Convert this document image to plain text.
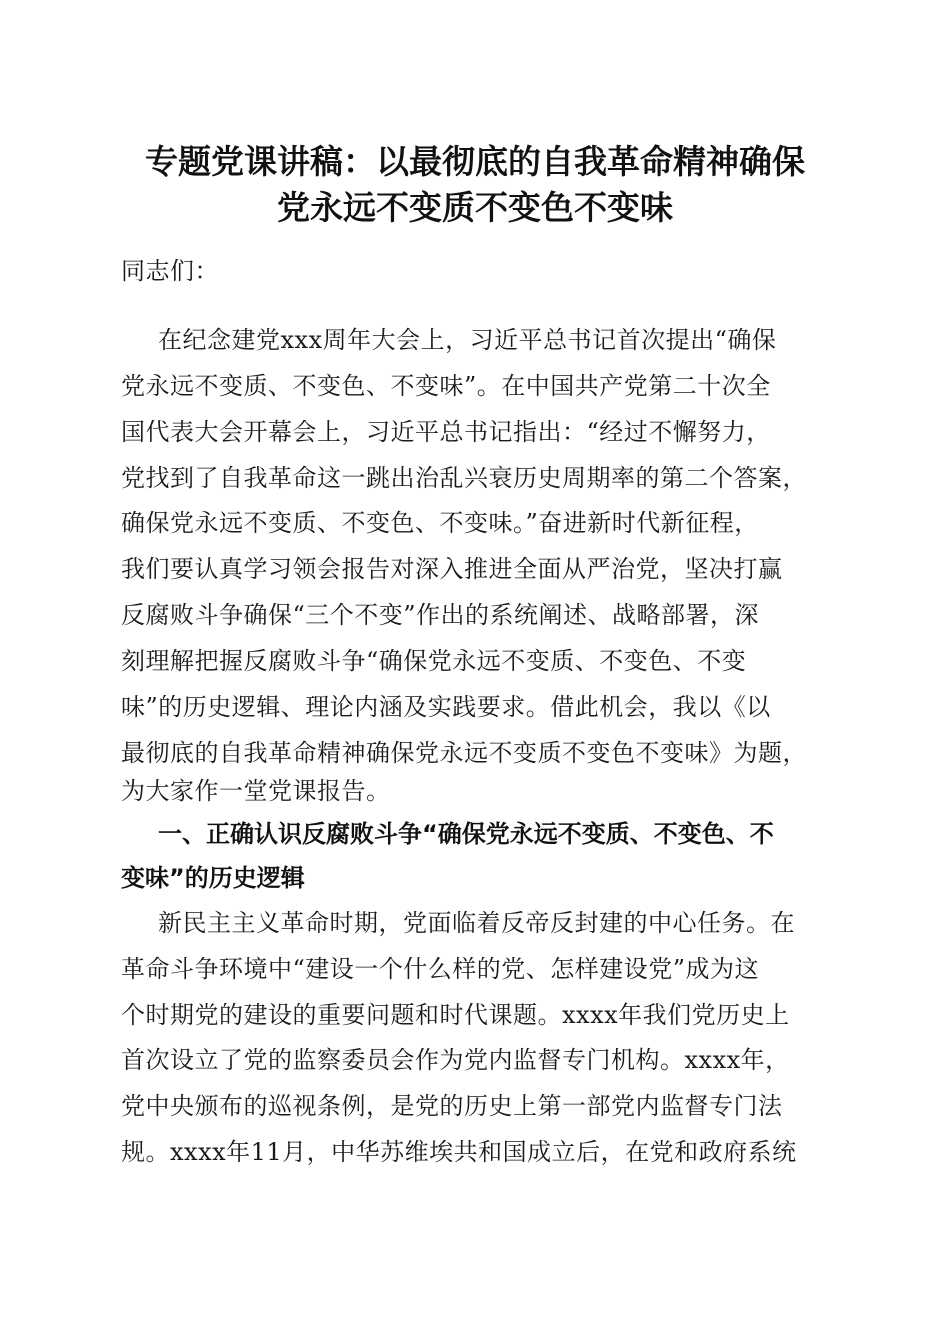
专题党课讲稿：以最彻底的自我革命精神确保
党永远不变质不变色不变味
同志们：
在纪念建党xxx周年大会上，习近平总书记首次提出“确保
党永远不变质、不变色、不变味”。在中国共产党第二十次全
国代表大会开幕会上，习近平总书记指出：“经过不懈努力，
党找到了自我革命这一跳出治乱兴衰历史周期率的第二个答案，
确保党永远不变质、不变色、不变味。”奋进新时代新征程，
我们要认真学习领会报告对深入推进全面从严治党，坚决打赢
反腐败斗争确保“三个不变”作出的系统阐述、战略部署，深
刻理解把握反腐败斗争“确保党永远不变质、不变色、不变
味”的历史逻辑、理论内涵及实践要求。借此机会，我以《以
最彻底的自我革命精神确保党永远不变质不变色不变味》为题，
为大家作一堂党课报告。
一、正确认识反腐败斗争“确保党永远不变质、不变色、不
变味”的历史逻辑
新民主主义革命时期，党面临着反帝反封建的中心任务。在
革命斗争环境中“建设一个什么样的党、怎样建设党”成为这
个时期党的建设的重要问题和时代课题。xxxx年我们党历史上
首次设立了党的监察委员会作为党内监督专门机构。xxxx年，
党中央颁布的巡视条例，是党的历史上第一部党内监督专门法
规。xxxx年11月，中华苏维埃共和国成立后，在党和政府系统
